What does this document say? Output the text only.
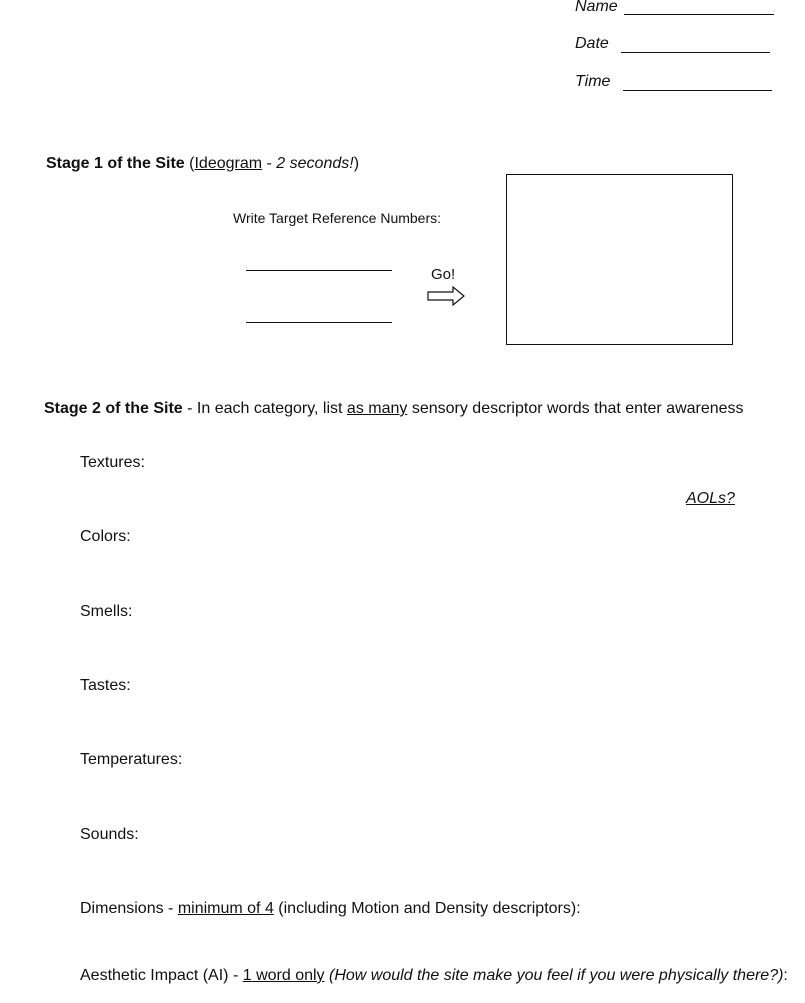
Name
Date
Time
Stage 1 of the Site (Ideogram - 2 seconds!)
Write Target Reference Numbers:
Go!
Stage 2 of the Site - In each category, list as many sensory descriptor words that enter awareness
Textures:
AOLs?
Colors:
Smells:
Tastes:
Temperatures:
Sounds:
Dimensions - minimum of 4 (including Motion and Density descriptors):
Aesthetic Impact (AI) - 1 word only (How would the site make you feel if you were physically there?):
